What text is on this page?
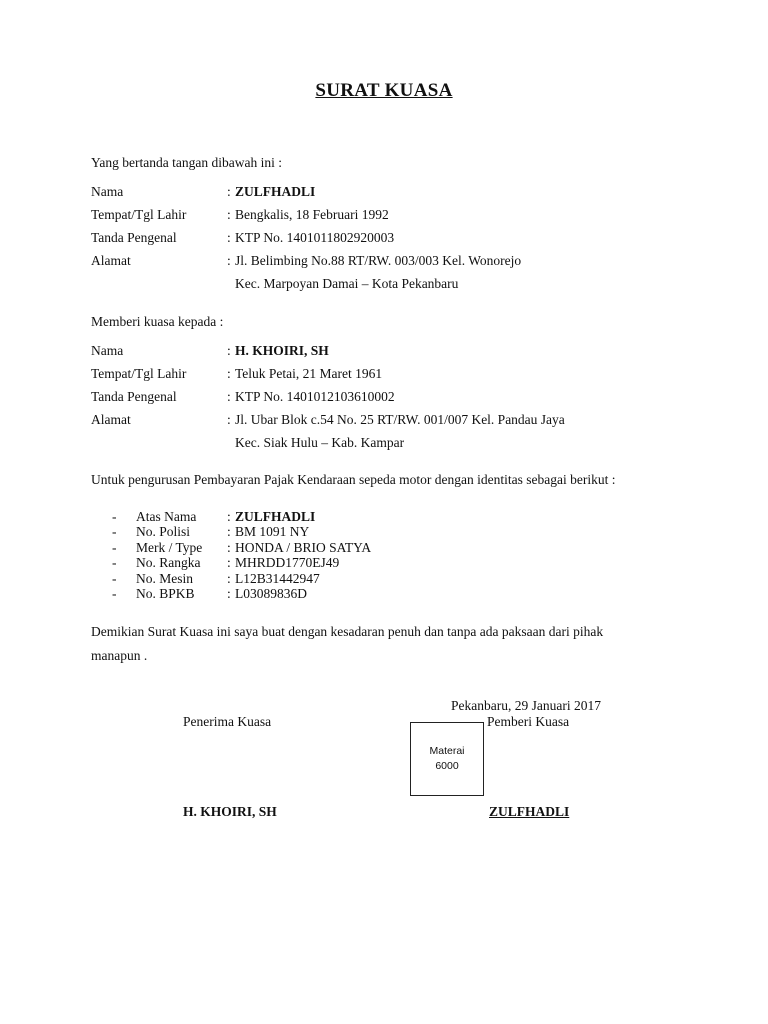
SURAT KUASA
Yang bertanda tangan dibawah ini :
Nama	: ZULFHADLI
Tempat/Tgl Lahir	: Bengkalis, 18 Februari 1992
Tanda Pengenal	: KTP No. 1401011802920003
Alamat	: Jl. Belimbing No.88 RT/RW. 003/003 Kel. Wonorejo
Kec. Marpoyan Damai – Kota Pekanbaru
Memberi kuasa kepada :
Nama	: H. KHOIRI, SH
Tempat/Tgl Lahir	: Teluk Petai, 21 Maret 1961
Tanda Pengenal	: KTP No. 1401012103610002
Alamat	: Jl. Ubar Blok c.54 No. 25 RT/RW. 001/007 Kel. Pandau Jaya
Kec. Siak Hulu – Kab. Kampar
Untuk pengurusan Pembayaran Pajak Kendaraan sepeda motor dengan identitas sebagai berikut :
- Atas Nama : ZULFHADLI
- No. Polisi	: BM 1091 NY
- Merk / Type : HONDA / BRIO SATYA
- No. Rangka : MHRDD1770EJ49
- No. Mesin	: L12B31442947
- No. BPKB : L03089836D
Demikian Surat Kuasa ini saya buat dengan kesadaran penuh dan tanpa ada paksaan dari pihak
manapun .
Pekanbaru, 29 Januari 2017
Penerima Kuasa	Pemberi Kuasa
Materai
6000
H. KHOIRI, SH	ZULFHADLI
